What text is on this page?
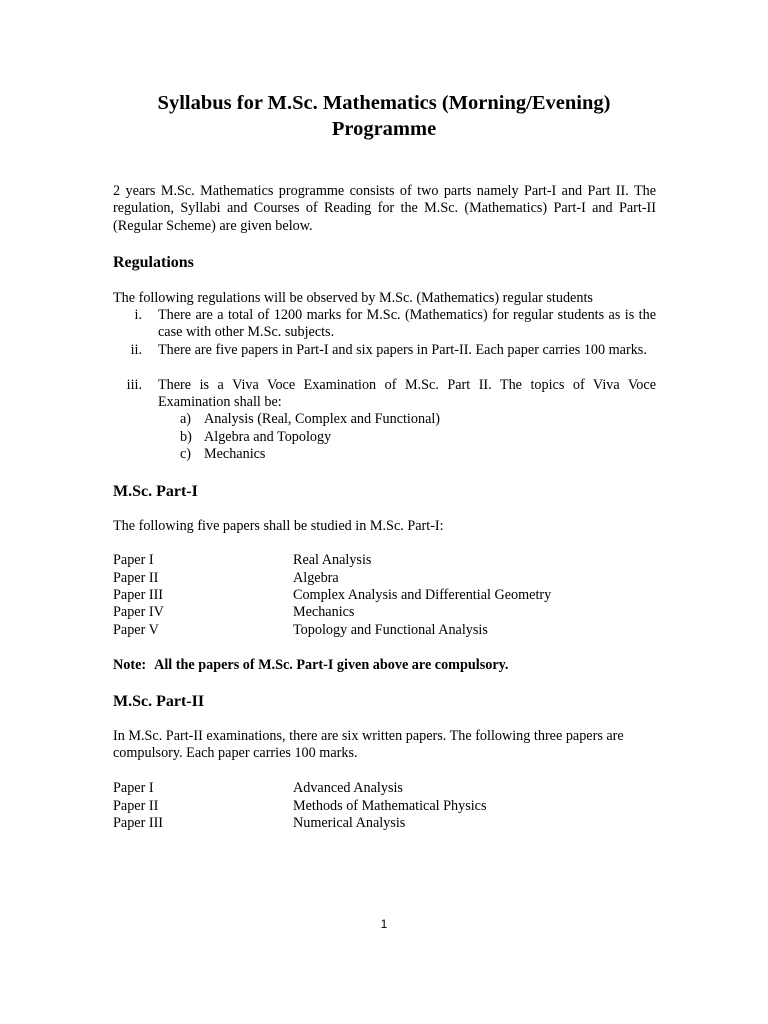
Syllabus for M.Sc. Mathematics (Morning/Evening)
Programme

2 years M.Sc. Mathematics programme consists of two parts namely Part-I and Part II. The regulation, Syllabi and Courses of Reading for the M.Sc. (Mathematics) Part-I and Part-II (Regular Scheme) are given below.

Regulations

The following regulations will be observed by M.Sc. (Mathematics) regular students

i. There are a total of 1200 marks for M.Sc. (Mathematics) for regular students as is the case with other M.Sc. subjects.
ii. There are five papers in Part-I and six papers in Part-II. Each paper carries 100 marks.
iii. There is a Viva Voce Examination of M.Sc. Part II. The topics of Viva Voce Examination shall be:
a) Analysis (Real, Complex and Functional)
b) Algebra and Topology
c) Mechanics
M.Sc. Part-I

The following five papers shall be studied in M.Sc. Part-I:

Paper I	Real Analysis
Paper II	Algebra
Paper III	Complex Analysis and Differential Geometry
Paper IV	Mechanics
Paper V	Topology and Functional Analysis
Note: All the papers of M.Sc. Part-I given above are compulsory.
M.Sc. Part-II

In M.Sc. Part-II examinations, there are six written papers. The following three papers are compulsory. Each paper carries 100 marks.

Paper I	Advanced Analysis
Paper II	Methods of Mathematical Physics
Paper III	Numerical Analysis
1
